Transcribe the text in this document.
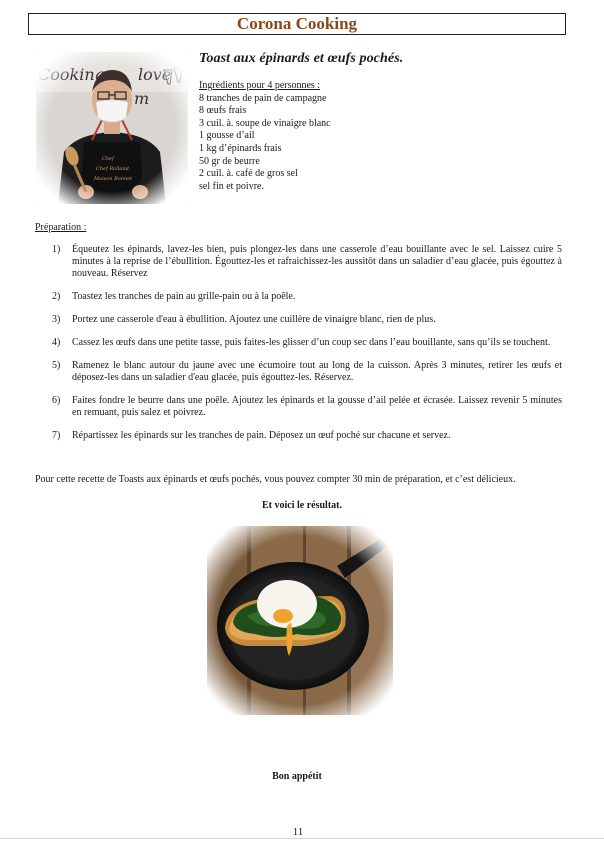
Corona Cooking
Toast aux épinards et œufs pochés.
Ingrédients pour 4 personnes :
8 tranches de pain de campagne
8 œufs frais
3 cuil. à. soupe de vinaigre blanc
1 gousse d’ail
1 kg d’épinards frais
50 gr de beurre
2 cuil. à. café de gros sel
sel fin et poivre.
Préparation :
1)	Équeutez les épinards, lavez-les bien, puis plongez-les dans une casserole d’eau bouillante avec le sel. Laissez cuire 5 minutes à la reprise de l’ébullition. Égouttez-les et rafraichissez-les aussitôt dans un saladier d’eau glacée, puis égouttez à nouveau. Réservez
2)	Toastez les tranches de pain au grille-pain ou à la poêle.
3)	Portez une casserole d'eau à ébullition. Ajoutez une cuillère de vinaigre blanc, rien de plus.
4)	Cassez les œufs dans une petite tasse, puis faites-les glisser d’un coup sec dans l’eau bouillante, sans qu’ils se touchent.
5)	Ramenez le blanc autour du jaune avec une écumoire tout au long de la cuisson. Après 3 minutes, retirer les œufs et déposez-les dans un saladier d'eau glacée, puis égouttez-les. Réservez.
6)	Faites fondre le beurre dans une poêle. Ajoutez les épinards et la gousse d’ail pelée et écrasée. Laissez revenir 5 minutes en remuant, puis salez et poivrez.
7)	Répartissez les épinards sur les tranches de pain. Déposez un œuf poché sur chacune et servez.
Pour cette recette de Toasts aux épinards et œufs pochés, vous pouvez compter 30 min de préparation, et c’est délicieux.
Et voici le résultat.
Bon appétit
11
